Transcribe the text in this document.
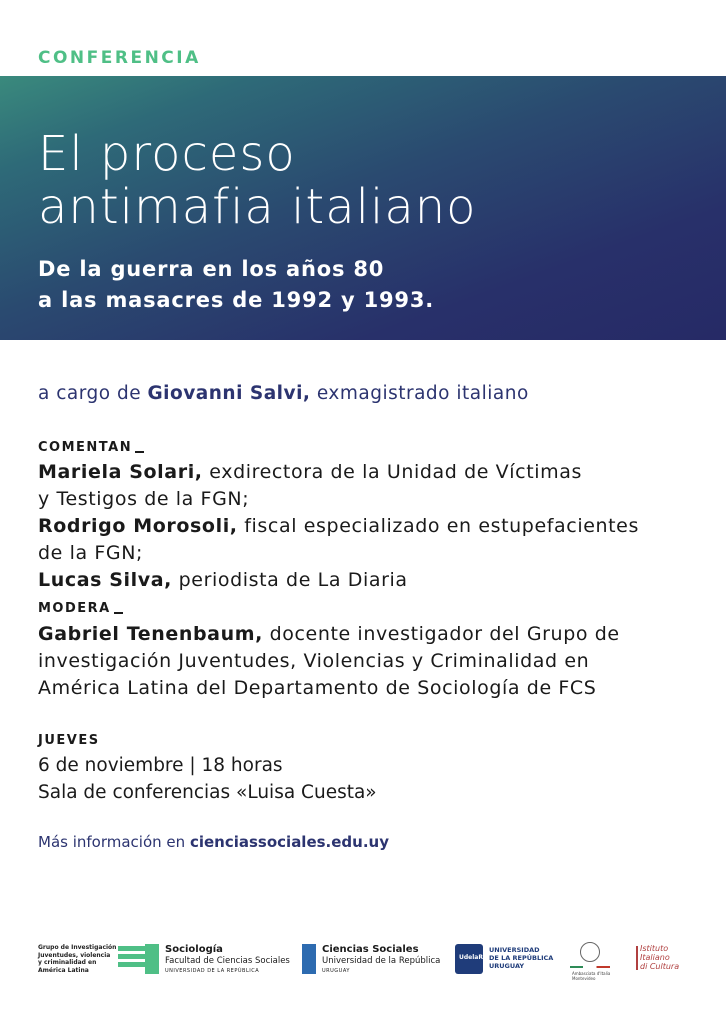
CONFERENCIA
El proceso
antimafia italiano
De la guerra en los años 80
a las masacres de 1992 y 1993.
a cargo de Giovanni Salvi, exmagistrado italiano
COMENTAN
Mariela Solari, exdirectora de la Unidad de Víctimas
y Testigos de la FGN;
Rodrigo Morosoli, fiscal especializado en estupefacientes
de la FGN;
Lucas Silva, periodista de La Diaria
MODERA
Gabriel Tenenbaum, docente investigador del Grupo de
investigación Juventudes, Violencias y Criminalidad en
América Latina del Departamento de Sociología de FCS
JUEVES
6 de noviembre | 18 horas
Sala de conferencias «Luisa Cuesta»
Más información en cienciassociales.edu.uy
Grupo de Investigación
Juventudes, violencia
y criminalidad en
América Latina
Sociología
Facultad de Ciencias Sociales
UNIVERSIDAD DE LA REPÚBLICA
Ciencias Sociales
Universidad de la República
URUGUAY
UdelaR
UNIVERSIDAD
DE LA REPÚBLICA
URUGUAY
Ambasciata d'Italia
Montevideo
Istituto
Italiano
di Cultura
